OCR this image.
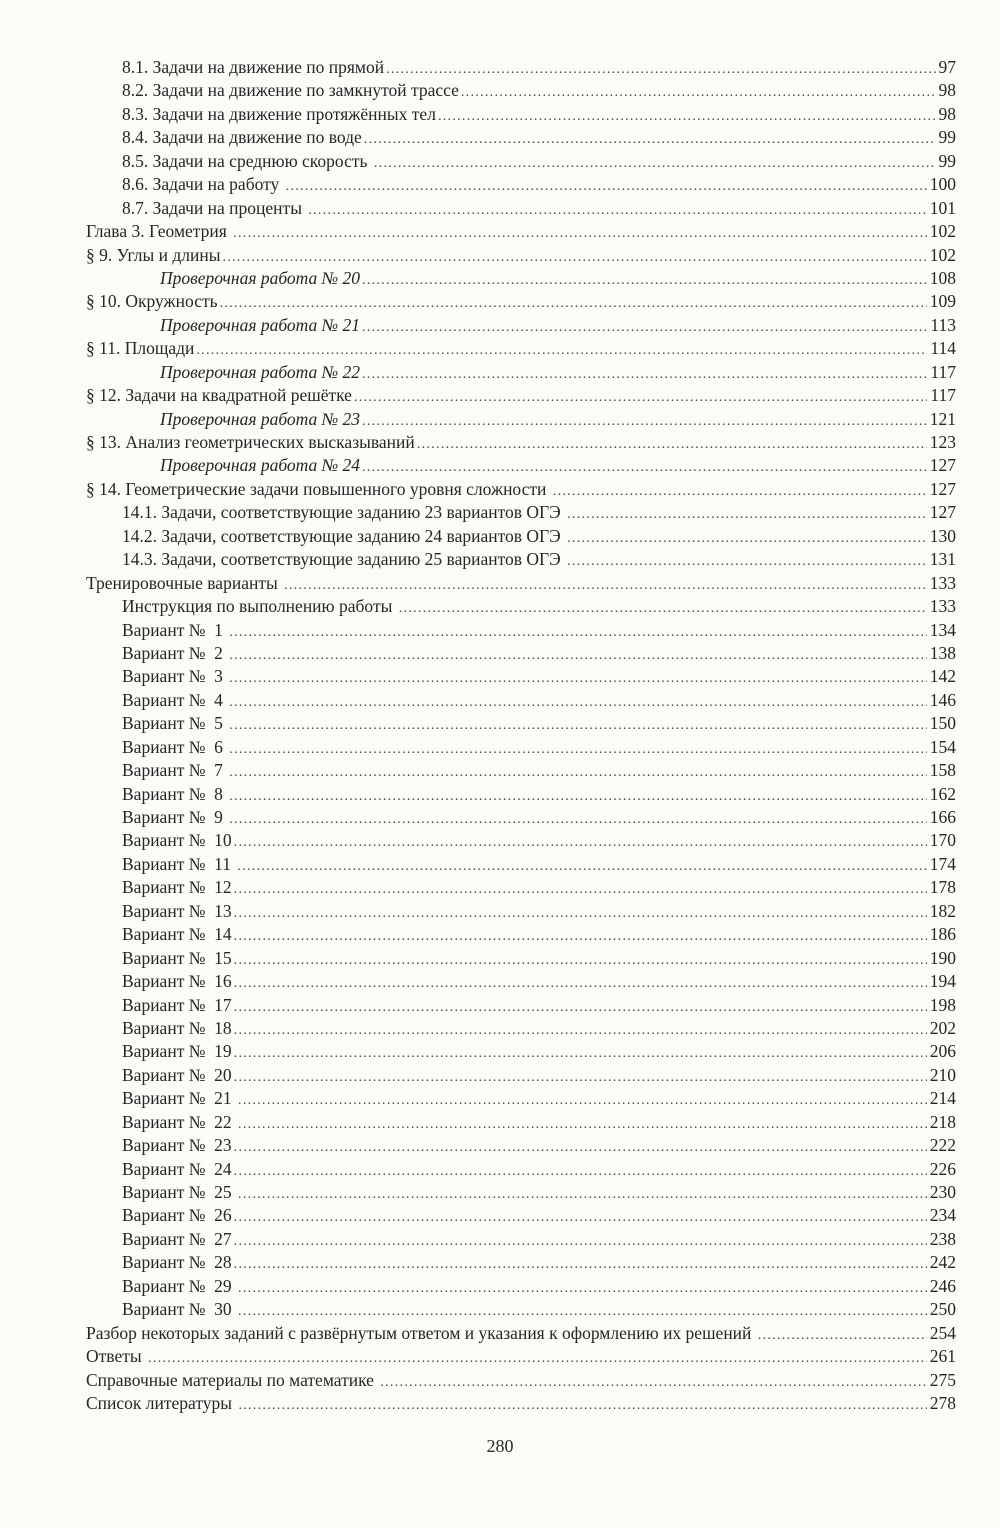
8.1. Задачи на движение по прямой .....	97
8.2. Задачи на движение по замкнутой трассе .....	98
8.3. Задачи на движение протяжённых тел .....	98
8.4. Задачи на движение по воде .....	99
8.5. Задачи на среднюю скорость .....	99
8.6. Задачи на работу .....	100
8.7. Задачи на проценты .....	101
Глава 3. Геометрия .....	102
§ 9. Углы и длины .....	102
Проверочная работа № 20 .....	108
§ 10. Окружность .....	109
Проверочная работа № 21 .....	113
§ 11. Площади .....	114
Проверочная работа № 22 .....	117
§ 12. Задачи на квадратной решётке .....	117
Проверочная работа № 23 .....	121
§ 13. Анализ геометрических высказываний .....	123
Проверочная работа № 24 .....	127
§ 14. Геометрические задачи повышенного уровня сложности .....	127
14.1. Задачи, соответствующие заданию 23 вариантов ОГЭ .....	127
14.2. Задачи, соответствующие заданию 24 вариантов ОГЭ .....	130
14.3. Задачи, соответствующие заданию 25 вариантов ОГЭ .....	131
Тренировочные варианты .....	133
Инструкция по выполнению работы .....	133
Вариант №  1 .....	134
Вариант №  2 .....	138
Вариант №  3 .....	142
Вариант №  4 .....	146
Вариант №  5 .....	150
Вариант №  6 .....	154
Вариант №  7 .....	158
Вариант №  8 .....	162
Вариант №  9 .....	166
Вариант №  10 .....	170
Вариант №  11 .....	174
Вариант №  12 .....	178
Вариант №  13 .....	182
Вариант №  14 .....	186
Вариант №  15 .....	190
Вариант №  16 .....	194
Вариант №  17 .....	198
Вариант №  18 .....	202
Вариант №  19 .....	206
Вариант №  20 .....	210
Вариант №  21 .....	214
Вариант №  22 .....	218
Вариант №  23 .....	222
Вариант №  24 .....	226
Вариант №  25 .....	230
Вариант №  26 .....	234
Вариант №  27 .....	238
Вариант №  28 .....	242
Вариант №  29 .....	246
Вариант №  30 .....	250
Разбор некоторых заданий с развёрнутым ответом и указания к оформлению их решений .....	254
Ответы .....	261
Справочные материалы по математике .....	275
Список литературы .....	278
280
